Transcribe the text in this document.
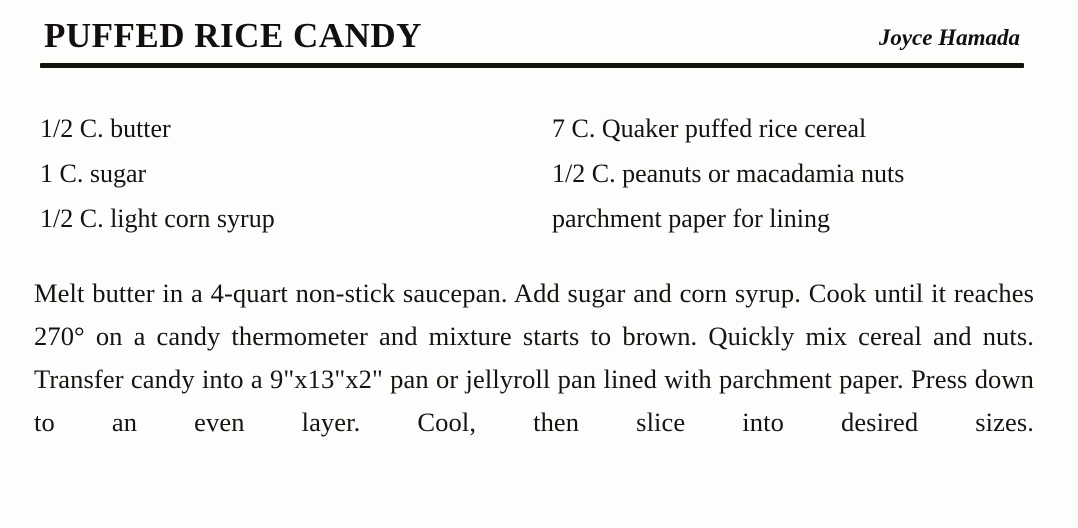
PUFFED RICE CANDY	Joyce Hamada
1/2 C. butter
1 C. sugar
1/2 C. light corn syrup
7 C. Quaker puffed rice cereal
1/2 C. peanuts or macadamia nuts
parchment paper for lining
Melt butter in a 4-quart non-stick saucepan. Add sugar and corn syrup. Cook until it reaches 270° on a candy thermometer and mixture starts to brown. Quickly mix cereal and nuts. Transfer candy into a 9"x13"x2" pan or jellyroll pan lined with parchment paper. Press down to an even layer. Cool, then slice into desired sizes.
